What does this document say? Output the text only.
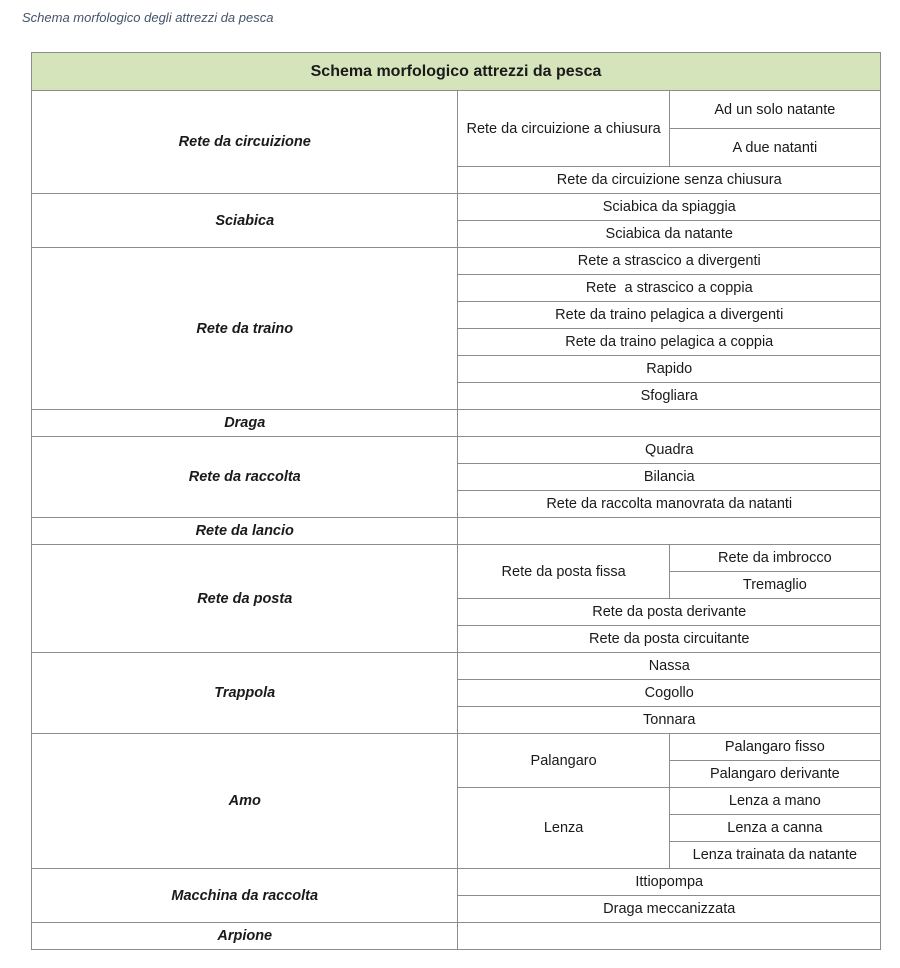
Schema morfologico degli attrezzi da pesca
Schema morfologico attrezzi da pesca		
Rete da circuizione	Rete da circuizione a chiusura	Ad un solo natante
		A due natanti
	Rete da circuizione senza chiusura	
Sciabica	Sciabica da spiaggia	
	Sciabica da natante	
Rete da traino	Rete a strascico a divergenti	
	Rete  a strascico a coppia	
	Rete da traino pelagica a divergenti	
	Rete da traino pelagica a coppia	
	Rapido	
	Sfogliara	
Draga		
Rete da raccolta	Quadra	
	Bilancia	
	Rete da raccolta manovrata da natanti	
Rete da lancio		
Rete da posta	Rete da posta fissa	Rete da imbrocco
		Tremaglio
	Rete da posta derivante	
	Rete da posta circuitante	
Trappola	Nassa	
	Cogollo	
	Tonnara	
Amo	Palangaro	Palangaro fisso
		Palangaro derivante
	Lenza	Lenza a mano
		Lenza a canna
		Lenza trainata da natante
Macchina da raccolta	Ittiopompa	
	Draga meccanizzata	
Arpione		
